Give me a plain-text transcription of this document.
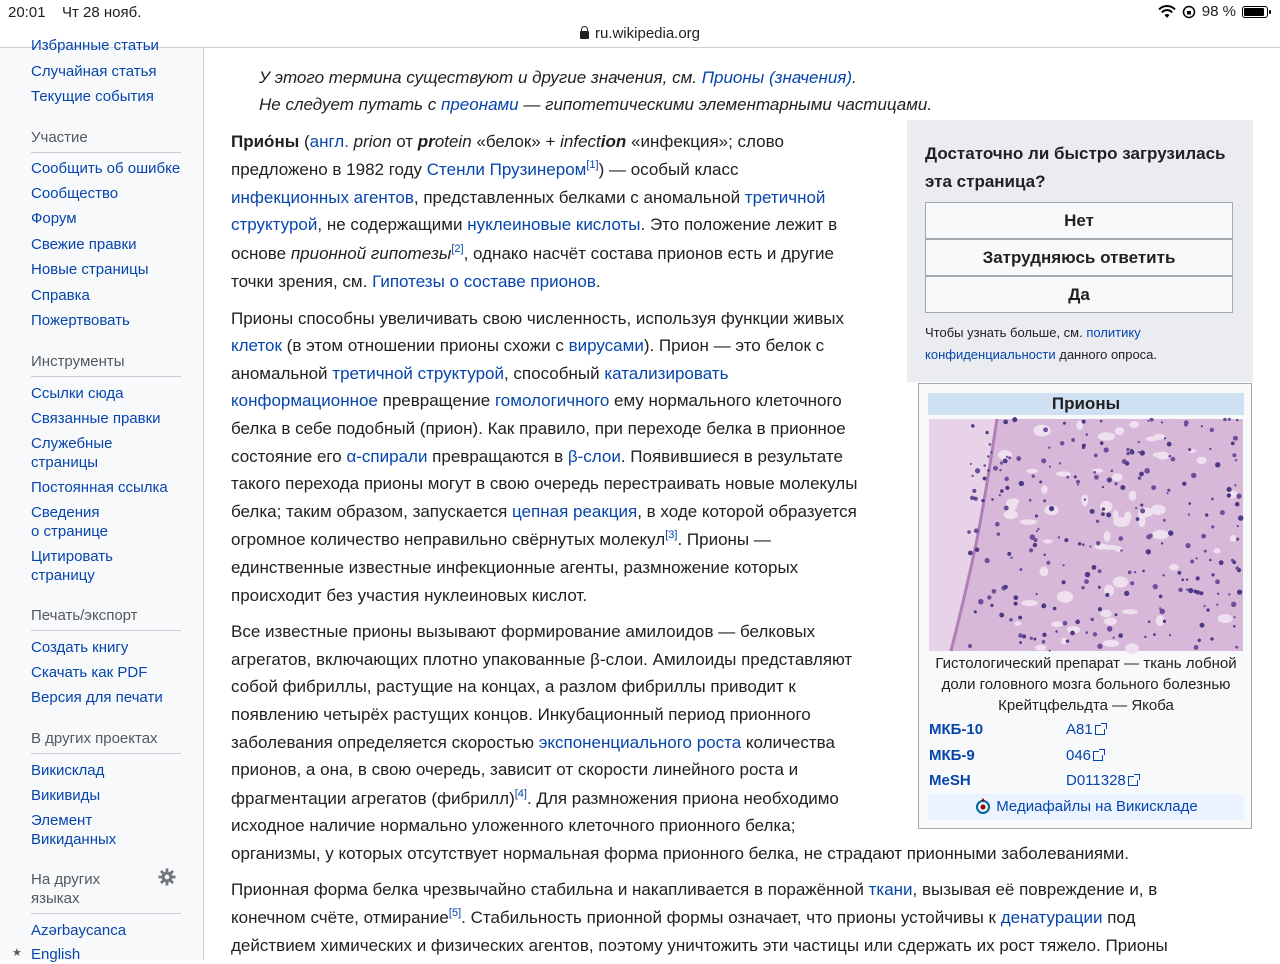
20:01 Чт 28 нояб.	98 %
ru.wikipedia.org
Избранные статьи
Случайная статья
Текущие события
Участие
Сообщить об ошибке
Сообщество
Форум
Свежие правки
Новые страницы
Справка
Пожертвовать
Инструменты
Ссылки сюда
Связанные правки
Служебные
страницы
Постоянная ссылка
Сведения
о странице
Цитировать
страницу
Печать/экспорт
Создать книгу
Скачать как PDF
Версия для печати
В других проектах
Викисклад
Викивиды
Элемент
Викиданных
На других
языках
Azərbaycanca
★ English
У этого термина существуют и другие значения, см. Прионы (значения).
Не следует путать с преонами — гипотетическими элементарными частицами.
Прио́ны (англ. prion от protein «белок» + infection «инфекция»; слово
предложено в 1982 году Стенли Прузинером[1]) — особый класс
инфекционных агентов, представленных белками с аномальной третичной
структурой, не содержащими нуклеиновые кислоты. Это положение лежит в
основе прионной гипотезы[2], однако насчёт состава прионов есть и другие
точки зрения, см. Гипотезы о составе прионов.
Прионы способны увеличивать свою численность, используя функции живых
клеток (в этом отношении прионы схожи с вирусами). Прион — это белок с
аномальной третичной структурой, способный катализировать
конформационное превращение гомологичного ему нормального клеточного
белка в себе подобный (прион). Как правило, при переходе белка в прионное
состояние его α-спирали превращаются в β-слои. Появившиеся в результате
такого перехода прионы могут в свою очередь перестраивать новые молекулы
белка; таким образом, запускается цепная реакция, в ходе которой образуется
огромное количество неправильно свёрнутых молекул[3]. Прионы —
единственные известные инфекционные агенты, размножение которых
происходит без участия нуклеиновых кислот.
Все известные прионы вызывают формирование амилоидов — белковых
агрегатов, включающих плотно упакованные β-слои. Амилоиды представляют
собой фибриллы, растущие на концах, а разлом фибриллы приводит к
появлению четырёх растущих концов. Инкубационный период прионного
заболевания определяется скоростью экспоненциального роста количества
прионов, а она, в свою очередь, зависит от скорости линейного роста и
фрагментации агрегатов (фибрилл)[4]. Для размножения приона необходимо
исходное наличие нормально уложенного клеточного прионного белка;
организмы, у которых отсутствует нормальная форма прионного белка, не страдают прионными заболеваниями.
Прионная форма белка чрезвычайно стабильна и накапливается в поражённой ткани, вызывая её повреждение и, в
конечном счёте, отмирание[5]. Стабильность прионной формы означает, что прионы устойчивы к денатурации под
действием химических и физических агентов, поэтому уничтожить эти частицы или сдержать их рост тяжело. Прионы
Достаточно ли быстро загрузилась эта страница?
Нет
Затрудняюсь ответить
Да
Чтобы узнать больше, см. политику конфиденциальности данного опроса.
Прионы
Гистологический препарат — ткань лобной доли головного мозга больного болезнью Крейтцфельдта — Якоба
МКБ-10	A81
МКБ-9	046
MeSH	D011328
Медиафайлы на Викискладе
